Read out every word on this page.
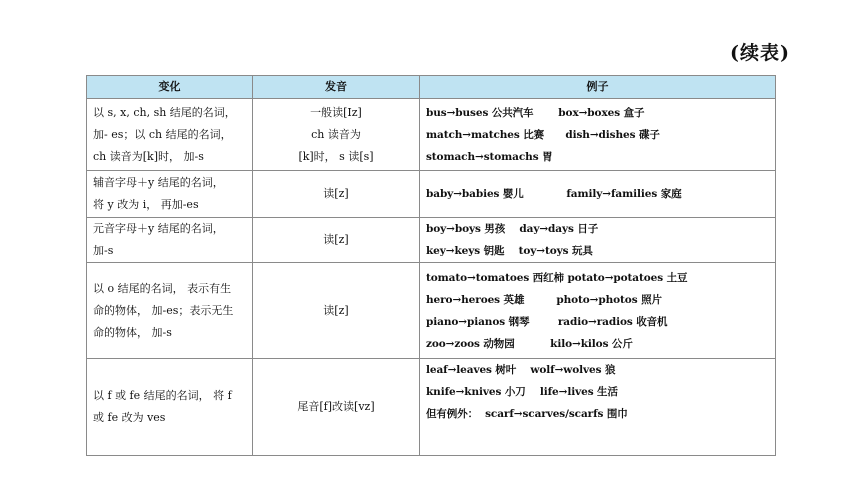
(续表)
变化	发音	例子

以 s, x, ch, sh 结尾的名词，
加- es；以 ch 结尾的名词，
ch 读音为[k]时， 加-s	一般读[Iz]
ch 读音为
[k]时， s 读[s]	bus→buses 公共汽车       box→boxes 盒子
match→matches 比赛      dish→dishes 碟子
stomach→stomachs 胃

辅音字母＋y 结尾的名词，
将 y 改为 i， 再加-es	读[z]	baby→babies 婴儿            family→families 家庭

元音字母＋y 结尾的名词，
加-s	读[z]	boy→boys 男孩    day→days 日子
key→keys 钥匙    toy→toys 玩具

以 o 结尾的名词， 表示有生
命的物体， 加-es；表示无生
命的物体， 加-s	读[z]	tomato→tomatoes 西红柿 potato→potatoes 土豆
hero→heroes 英雄         photo→photos 照片
piano→pianos 钢琴        radio→radios 收音机
zoo→zoos 动物园          kilo→kilos 公斤

以 f 或 fe 结尾的名词， 将 f
或 fe 改为 ves	尾音[f]改读[vz]	leaf→leaves 树叶    wolf→wolves 狼
knife→knives 小刀    life→lives 生活
但有例外：  scarf→scarves/scarfs 围巾
